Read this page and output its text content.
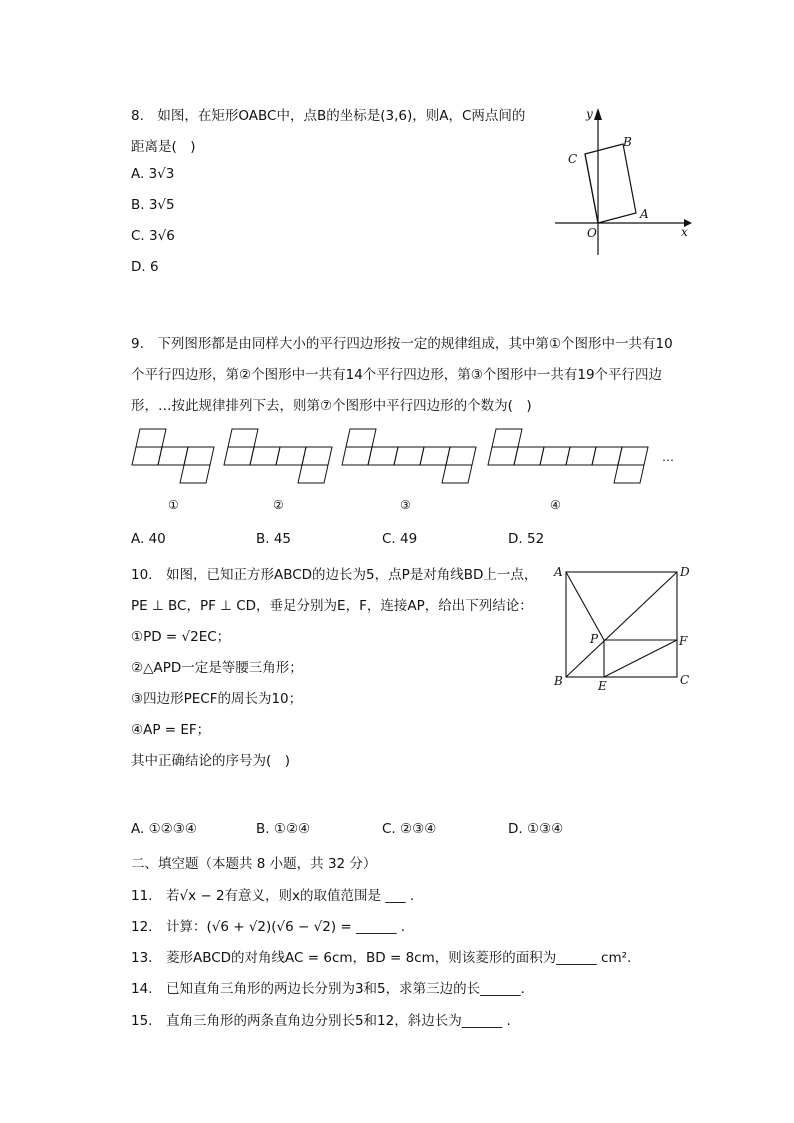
8.　如图，在矩形OABC中，点B的坐标是(3,6)，则A，C两点间的
距离是(　)
A. 3√3
B. 3√5
C. 3√6
D. 6
y
x
O
A
B
C
9.　下列图形都是由同样大小的平行四边形按一定的规律组成，其中第①个图形中一共有10
个平行四边形，第②个图形中一共有14个平行四边形，第③个图形中一共有19个平行四边
形，…按此规律排列下去，则第⑦个图形中平行四边形的个数为(　)
…
①	②	③	④
A. 40	B. 45	C. 49	D. 52
10.　如图，已知正方形ABCD的边长为5，点P是对角线BD上一点，
PE ⊥ BC，PF ⊥ CD，垂足分别为E，F，连接AP，给出下列结论：
①PD = √2EC；
②△APD一定是等腰三角形；
③四边形PECF的周长为10；
④AP = EF；
其中正确结论的序号为(　)
A
B	C
D
E
F
P
A. ①②③④	B. ①②④	C. ②③④	D. ①③④
二、填空题（本题共 8 小题，共 32 分）
11.　若√x − 2有意义，则x的取值范围是 ___ .
12.　计算：(√6 + √2)(√6 − √2) = ______ .
13.　菱形ABCD的对角线AC = 6cm，BD = 8cm，则该菱形的面积为______ cm².
14.　已知直角三角形的两边长分别为3和5，求第三边的长______.
15.　直角三角形的两条直角边分别长5和12，斜边长为______ .
